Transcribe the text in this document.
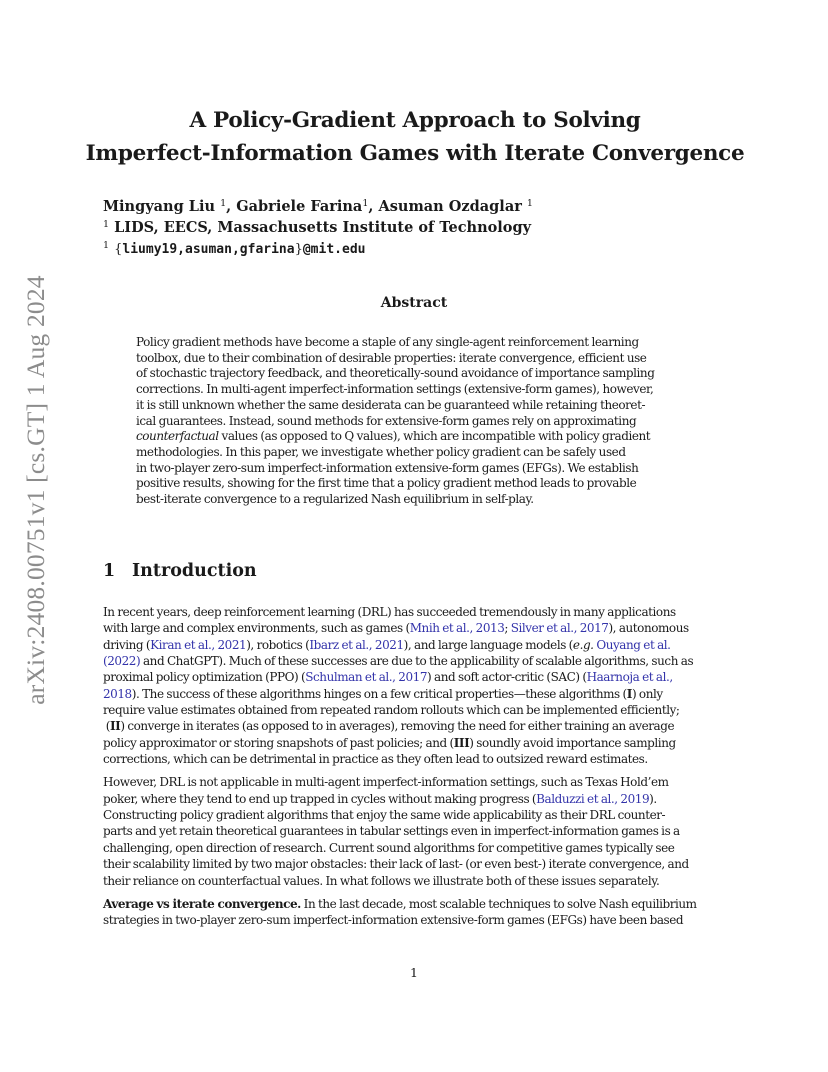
arXiv:2408.00751v1 [cs.GT] 1 Aug 2024
A Policy-Gradient Approach to Solving
Imperfect-Information Games with Iterate Convergence
Mingyang Liu $^1$, Gabriele Farina$^1$, Asuman Ozdaglar $^1$
$^1$ LIDS, EECS, Massachusetts Institute of Technology
$^1$ {liumy19,asuman,gfarina}@mit.edu
Abstract
Policy gradient methods have become a staple of any single-agent reinforcement learning
toolbox, due to their combination of desirable properties: iterate convergence, efficient use
of stochastic trajectory feedback, and theoretically-sound avoidance of importance sampling
corrections. In multi-agent imperfect-information settings (extensive-form games), however,
it is still unknown whether the same desiderata can be guaranteed while retaining theoret-
ical guarantees. Instead, sound methods for extensive-form games rely on approximating
counterfactual values (as opposed to Q values), which are incompatible with policy gradient
methodologies. In this paper, we investigate whether policy gradient can be safely used
in two-player zero-sum imperfect-information extensive-form games (EFGs). We establish
positive results, showing for the first time that a policy gradient method leads to provable
best-iterate convergence to a regularized Nash equilibrium in self-play.
1 Introduction
In recent years, deep reinforcement learning (DRL) has succeeded tremendously in many applications
with large and complex environments, such as games (Mnih et al., 2013; Silver et al., 2017), autonomous
driving (Kiran et al., 2021), robotics (Ibarz et al., 2021), and large language models (e.g. Ouyang et al.
(2022) and ChatGPT). Much of these successes are due to the applicability of scalable algorithms, such as
proximal policy optimization (PPO) (Schulman et al., 2017) and soft actor-critic (SAC) (Haarnoja et al.,
2018). The success of these algorithms hinges on a few critical properties—these algorithms (I) only
require value estimates obtained from repeated random rollouts which can be implemented efficiently;
(II) converge in iterates (as opposed to in averages), removing the need for either training an average
policy approximator or storing snapshots of past policies; and (III) soundly avoid importance sampling
corrections, which can be detrimental in practice as they often lead to outsized reward estimates.
However, DRL is not applicable in multi-agent imperfect-information settings, such as Texas Hold’em
poker, where they tend to end up trapped in cycles without making progress (Balduzzi et al., 2019).
Constructing policy gradient algorithms that enjoy the same wide applicability as their DRL counter-
parts and yet retain theoretical guarantees in tabular settings even in imperfect-information games is a
challenging, open direction of research. Current sound algorithms for competitive games typically see
their scalability limited by two major obstacles: their lack of last- (or even best-) iterate convergence, and
their reliance on counterfactual values. In what follows we illustrate both of these issues separately.
Average vs iterate convergence. In the last decade, most scalable techniques to solve Nash equilibrium
strategies in two-player zero-sum imperfect-information extensive-form games (EFGs) have been based
1
